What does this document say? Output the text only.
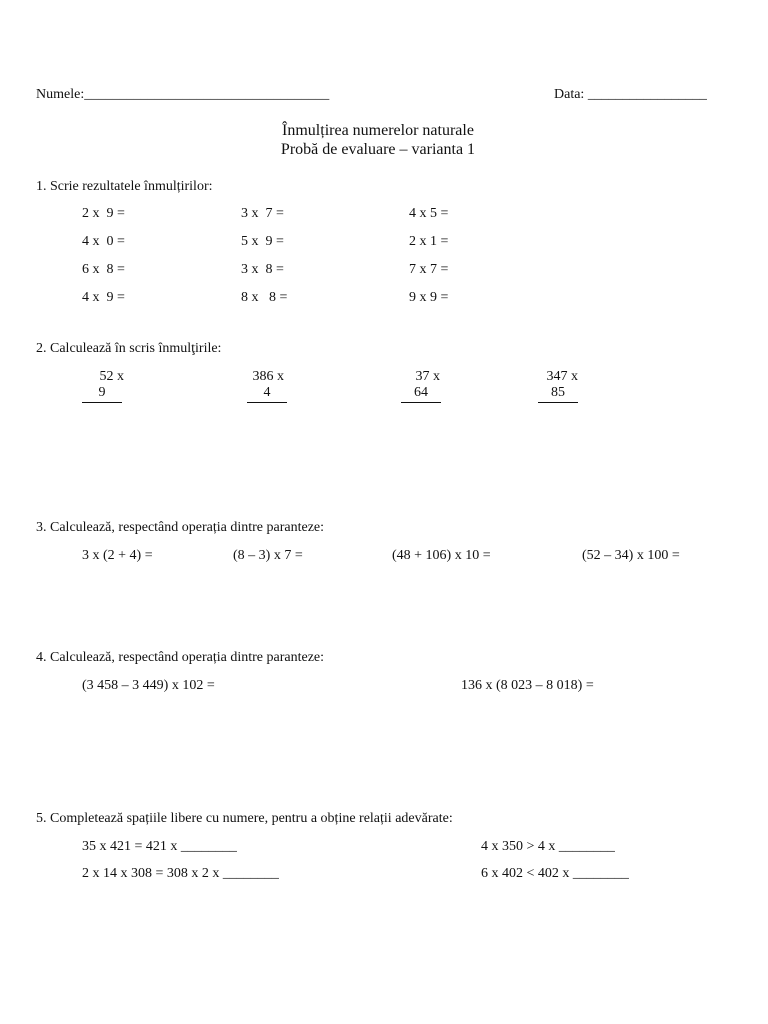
Numele:___________________________________	Data: _________________
Înmulțirea numerelor naturale
Probă de evaluare – varianta 1
1. Scrie rezultatele înmulțirilor:
2 x  9 =	3 x  7 =	4 x 5 =
4 x  0 =	5 x  9 =	2 x 1 =
6 x  8 =	3 x  8 =	7 x 7 =
4 x  9 =	8 x   8 =	9 x 9 =
2. Calculează în scris înmulţirile:
52 x
9
386 x
4
37 x
64
347 x
85
3. Calculează, respectând operația dintre paranteze:
3 x (2 + 4) =	(8 – 3) x 7 =	(48 + 106) x 10 =	(52 – 34) x 100 =
4. Calculează, respectând operația dintre paranteze:
(3 458 – 3 449) x 102 =	136 x (8 023 – 8 018) =
5. Completează spațiile libere cu numere, pentru a obține relații adevărate:
35 x 421 = 421 x ________	4 x 350 > 4 x ________
2 x 14 x 308 = 308 x 2 x ________	6 x 402 < 402 x ________
